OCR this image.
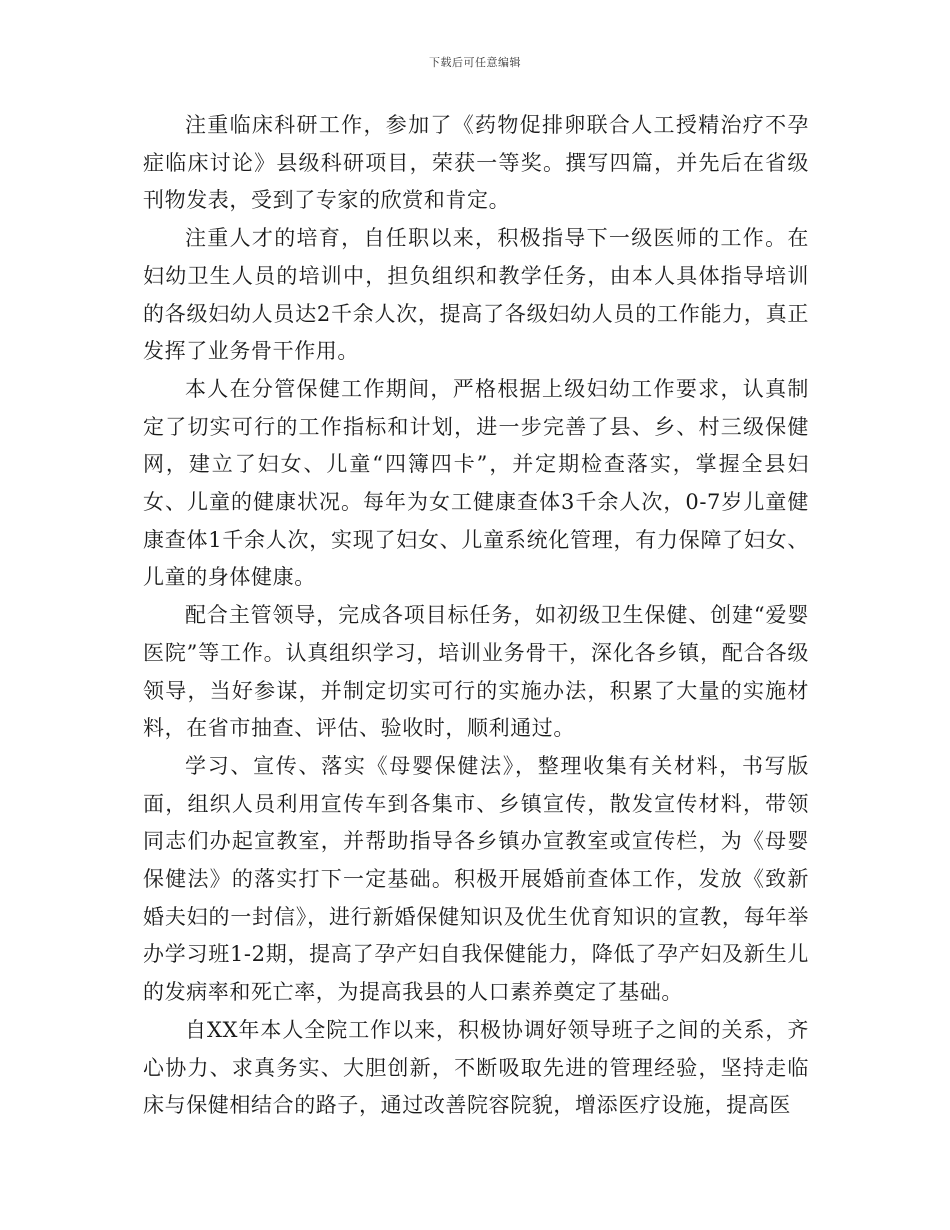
下载后可任意编辑

注重临床科研工作，参加了《药物促排卵联合人工授精治疗不孕症临床讨论》县级科研项目，荣获一等奖。撰写四篇，并先后在省级刊物发表，受到了专家的欣赏和肯定。

注重人才的培育，自任职以来，积极指导下一级医师的工作。在妇幼卫生人员的培训中，担负组织和教学任务，由本人具体指导培训的各级妇幼人员达2千余人次，提高了各级妇幼人员的工作能力，真正发挥了业务骨干作用。

本人在分管保健工作期间，严格根据上级妇幼工作要求，认真制定了切实可行的工作指标和计划，进一步完善了县、乡、村三级保健网，建立了妇女、儿童“四簿四卡”，并定期检查落实，掌握全县妇女、儿童的健康状况。每年为女工健康查体3千余人次，0-7岁儿童健康查体1千余人次，实现了妇女、儿童系统化管理，有力保障了妇女、儿童的身体健康。

配合主管领导，完成各项目标任务，如初级卫生保健、创建“爱婴医院”等工作。认真组织学习，培训业务骨干，深化各乡镇，配合各级领导，当好参谋，并制定切实可行的实施办法，积累了大量的实施材料，在省市抽查、评估、验收时，顺利通过。

学习、宣传、落实《母婴保健法》，整理收集有关材料，书写版面，组织人员利用宣传车到各集市、乡镇宣传，散发宣传材料，带领同志们办起宣教室，并帮助指导各乡镇办宣教室或宣传栏，为《母婴保健法》的落实打下一定基础。积极开展婚前查体工作，发放《致新婚夫妇的一封信》，进行新婚保健知识及优生优育知识的宣教，每年举办学习班1-2期，提高了孕产妇自我保健能力，降低了孕产妇及新生儿的发病率和死亡率，为提高我县的人口素养奠定了基础。

自XX年本人全院工作以来，积极协调好领导班子之间的关系，齐心协力、求真务实、大胆创新，不断吸取先进的管理经验，坚持走临床与保健相结合的路子，通过改善院容院貌，增添医疗设施，提高医
